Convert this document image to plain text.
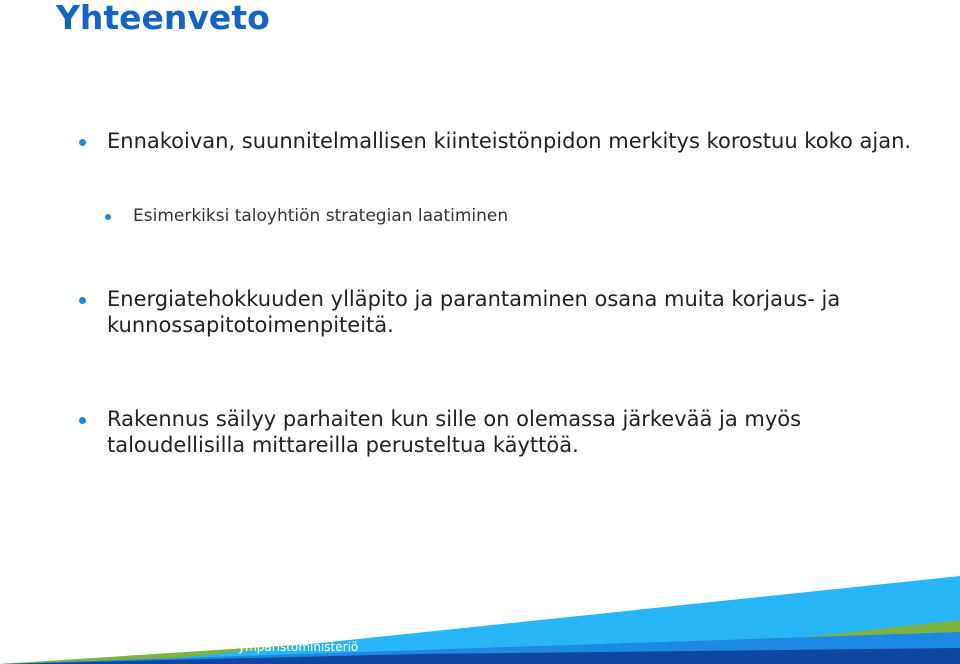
Yhteenveto
Ennakoivan, suunnitelmallisen kiinteistönpidon merkitys korostuu koko ajan.
Esimerkiksi taloyhtiön strategian laatiminen
Energiatehokkuuden ylläpito ja parantaminen osana muita korjaus- ja kunnossapitotoimenpiteitä.
Rakennus säilyy parhaiten kun sille on olemassa järkevää ja myös taloudellisilla mittareilla perusteltua käyttöä.
ympäristöministeriö
